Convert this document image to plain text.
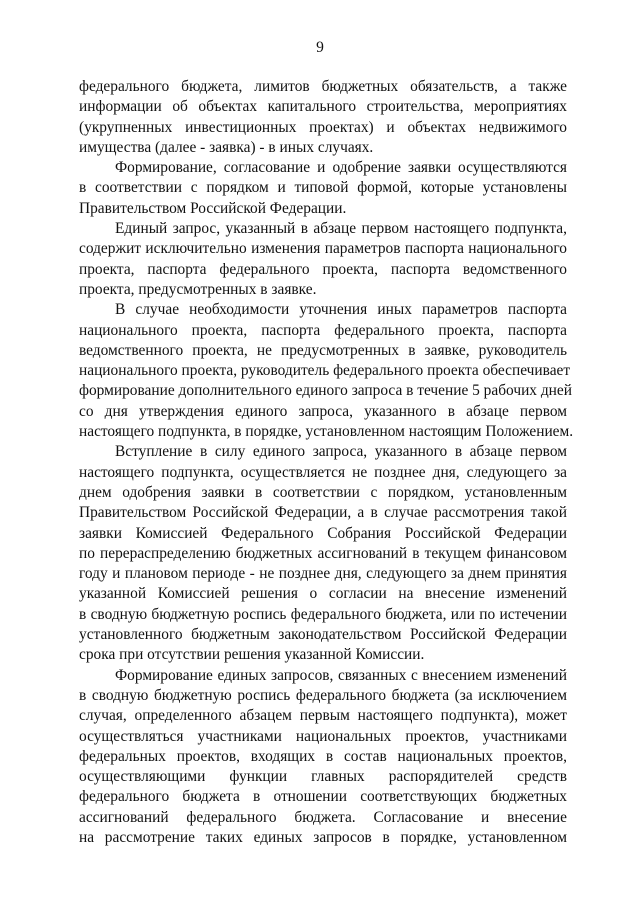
9
федерального бюджета, лимитов бюджетных обязательств, а также
информации об объектах капитального строительства, мероприятиях
(укрупненных инвестиционных проектах) и объектах недвижимого
имущества (далее - заявка) - в иных случаях.
Формирование, согласование и одобрение заявки осуществляются
в соответствии с порядком и типовой формой, которые установлены
Правительством Российской Федерации.
Единый запрос, указанный в абзаце первом настоящего подпункта,
содержит исключительно изменения параметров паспорта национального
проекта, паспорта федерального проекта, паспорта ведомственного
проекта, предусмотренных в заявке.
В случае необходимости уточнения иных параметров паспорта
национального проекта, паспорта федерального проекта, паспорта
ведомственного проекта, не предусмотренных в заявке, руководитель
национального проекта, руководитель федерального проекта обеспечивает
формирование дополнительного единого запроса в течение 5 рабочих дней
со дня утверждения единого запроса, указанного в абзаце первом
настоящего подпункта, в порядке, установленном настоящим Положением.
Вступление в силу единого запроса, указанного в абзаце первом
настоящего подпункта, осуществляется не позднее дня, следующего за
днем одобрения заявки в соответствии с порядком, установленным
Правительством Российской Федерации, а в случае рассмотрения такой
заявки Комиссией Федерального Собрания Российской Федерации
по перераспределению бюджетных ассигнований в текущем финансовом
году и плановом периоде - не позднее дня, следующего за днем принятия
указанной Комиссией решения о согласии на внесение изменений
в сводную бюджетную роспись федерального бюджета, или по истечении
установленного бюджетным законодательством Российской Федерации
срока при отсутствии решения указанной Комиссии.
Формирование единых запросов, связанных с внесением изменений
в сводную бюджетную роспись федерального бюджета (за исключением
случая, определенного абзацем первым настоящего подпункта), может
осуществляться участниками национальных проектов, участниками
федеральных проектов, входящих в состав национальных проектов,
осуществляющими функции главных распорядителей средств
федерального бюджета в отношении соответствующих бюджетных
ассигнований федерального бюджета. Согласование и внесение
на рассмотрение таких единых запросов в порядке, установленном
